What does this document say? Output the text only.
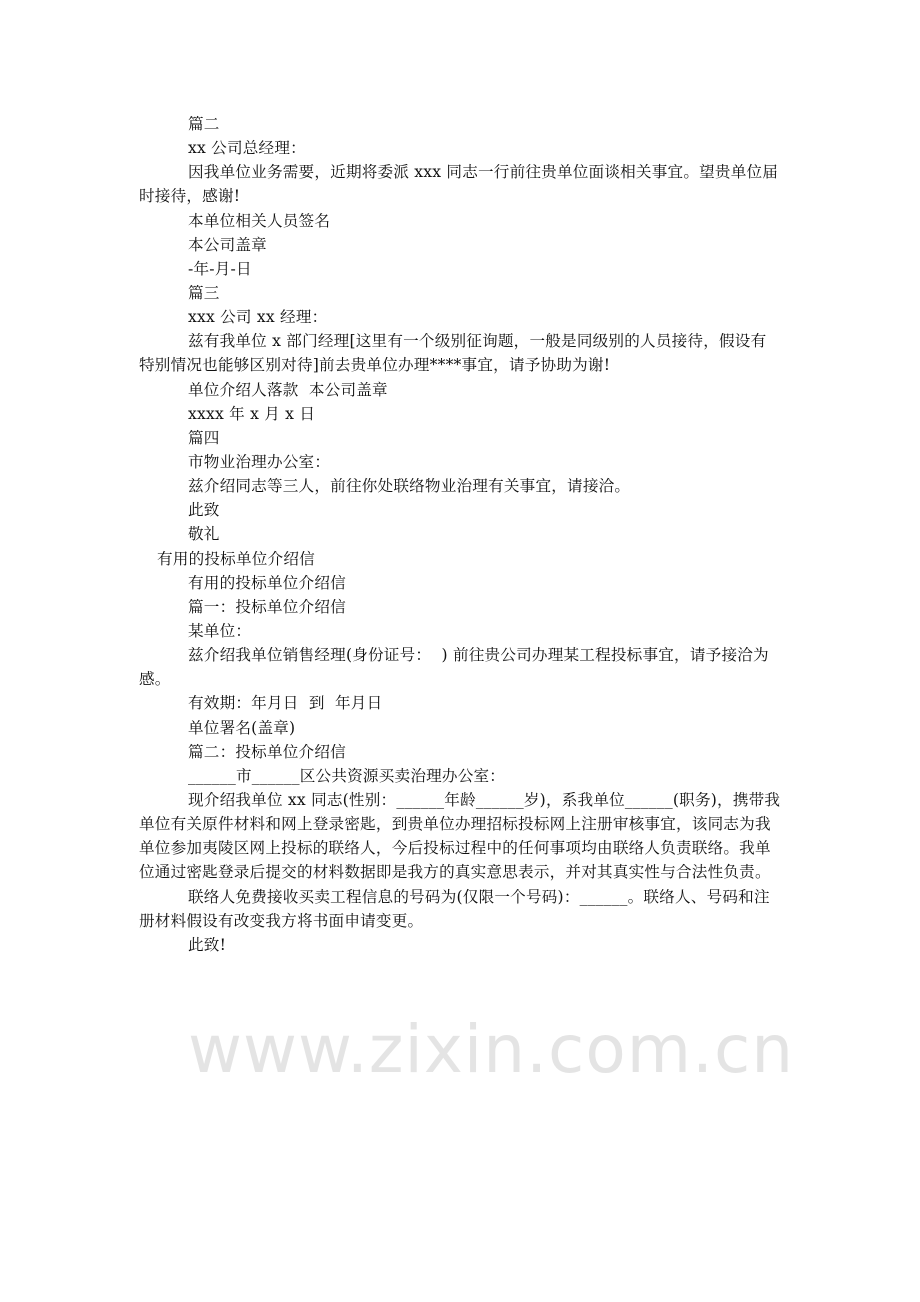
篇二
xx 公司总经理：
因我单位业务需要，近期将委派 xxx 同志一行前往贵单位面谈相关事宜。望贵单位届
时接待，感谢!
本单位相关人员签名
本公司盖章
-年-月-日
篇三
xxx 公司 xx 经理：
兹有我单位 x 部门经理[这里有一个级别征询题，一般是同级别的人员接待，假设有
特别情况也能够区别对待]前去贵单位办理****事宜，请予协助为谢!
单位介绍人落款  本公司盖章
xxxx 年 x 月 x 日
篇四
市物业治理办公室：
兹介绍同志等三人，前往你处联络物业治理有关事宜，请接洽。
此致
敬礼
有用的投标单位介绍信
有用的投标单位介绍信
篇一：投标单位介绍信
某单位：
兹介绍我单位销售经理(身份证号：  ) 前往贵公司办理某工程投标事宜，请予接洽为
感。
有效期：年月日  到  年月日
单位署名(盖章)
篇二：投标单位介绍信
______市______区公共资源买卖治理办公室：
现介绍我单位 xx 同志(性别：______年龄______岁)，系我单位______(职务)，携带我
单位有关原件材料和网上登录密匙，到贵单位办理招标投标网上注册审核事宜，该同志为我
单位参加夷陵区网上投标的联络人，今后投标过程中的任何事项均由联络人负责联络。我单
位通过密匙登录后提交的材料数据即是我方的真实意思表示，并对其真实性与合法性负责。
联络人免费接收买卖工程信息的号码为(仅限一个号码)：______。联络人、号码和注
册材料假设有改变我方将书面申请变更。
此致!
www.zixin.com.cn
